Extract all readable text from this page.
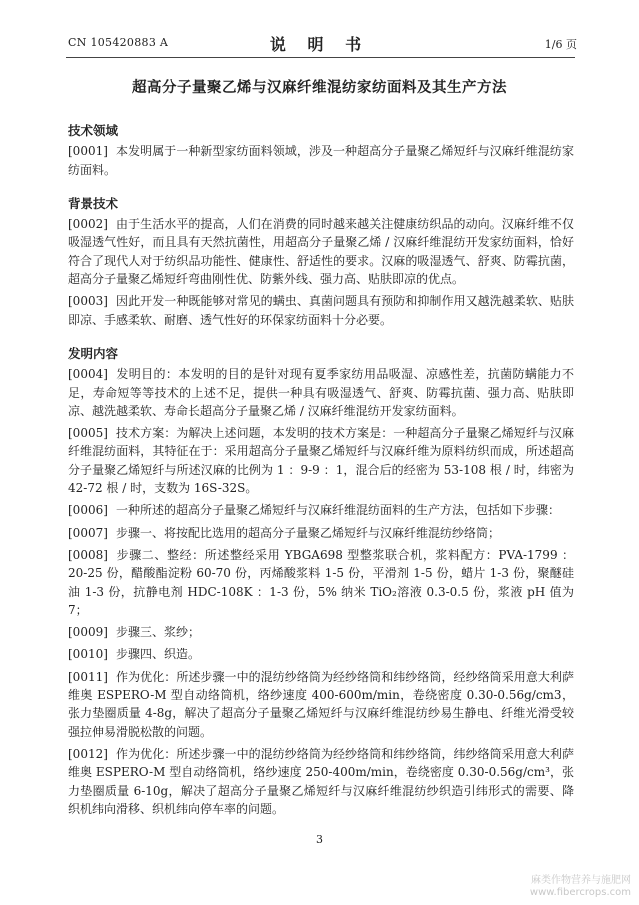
CN 105420883 A	说 明 书	1/6 页
超高分子量聚乙烯与汉麻纤维混纺家纺面料及其生产方法
技术领域

[0001] 本发明属于一种新型家纺面料领域，涉及一种超高分子量聚乙烯短纤与汉麻纤维混纺家纺面料。

背景技术

[0002] 由于生活水平的提高，人们在消费的同时越来越关注健康纺织品的动向。汉麻纤维不仅吸湿透气性好，而且具有天然抗菌性，用超高分子量聚乙烯 / 汉麻纤维混纺开发家纺面料，恰好符合了现代人对于纺织品功能性、健康性、舒适性的要求。汉麻的吸湿透气、舒爽、防霉抗菌，超高分子量聚乙烯短纤弯曲刚性优、防紫外线、强力高、贴肤即凉的优点。

[0003] 因此开发一种既能够对常见的螨虫、真菌问题具有预防和抑制作用又越洗越柔软、贴肤即凉、手感柔软、耐磨、透气性好的环保家纺面料十分必要。

发明内容

[0004] 发明目的：本发明的目的是针对现有夏季家纺用品吸湿、凉感性差，抗菌防螨能力不足，寿命短等等技术的上述不足，提供一种具有吸湿透气、舒爽、防霉抗菌、强力高、贴肤即凉、越洗越柔软、寿命长超高分子量聚乙烯 / 汉麻纤维混纺开发家纺面料。

[0005] 技术方案：为解决上述问题，本发明的技术方案是：一种超高分子量聚乙烯短纤与汉麻纤维混纺面料，其特征在于：采用超高分子量聚乙烯短纤与汉麻纤维为原料纺织而成，所述超高分子量聚乙烯短纤与所述汉麻的比例为 1 ：9-9 ：1，混合后的经密为 53-108 根 / 时，纬密为 42-72 根 / 时，支数为 16S-32S。

[0006] 一种所述的超高分子量聚乙烯短纤与汉麻纤维混纺面料的生产方法，包括如下步骤：

[0007] 步骤一、将按配比选用的超高分子量聚乙烯短纤与汉麻纤维混纺纱络筒；

[0008] 步骤二、整经：所述整经采用 YBGA698 型整浆联合机，浆料配方：PVA-1799 ：20-25 份，醋酸酯淀粉 60-70 份，丙烯酸浆料 1-5 份，平滑剂 1-5 份，蜡片 1-3 份，聚醚硅油 1-3 份，抗静电剂 HDC-108K ：1-3 份，5% 纳米 TiO₂溶液 0.3-0.5 份，浆液 pH 值为 7；

[0009] 步骤三、浆纱；

[0010] 步骤四、织造。

[0011] 作为优化：所述步骤一中的混纺纱络筒为经纱络筒和纬纱络筒，经纱络筒采用意大利萨维奥 ESPERO-M 型自动络筒机，络纱速度 400-600m/min，卷绕密度 0.30-0.56g/cm3，张力垫圈质量 4-8g，解决了超高分子量聚乙烯短纤与汉麻纤维混纺纱易生静电、纤维光滑受较强拉伸易滑脱松散的问题。

[0012] 作为优化：所述步骤一中的混纺纱络筒为经纱络筒和纬纱络筒，纬纱络筒采用意大利萨维奥 ESPERO-M 型自动络筒机，络纱速度 250-400m/min，卷绕密度 0.30-0.56g/cm³，张力垫圈质量 6-10g，解决了超高分子量聚乙烯短纤与汉麻纤维混纺纱织造引纬形式的需要、降织机纬向滑移、织机纬向停车率的问题。

3
麻类作物营养与施肥网
www.fibercrops.com
